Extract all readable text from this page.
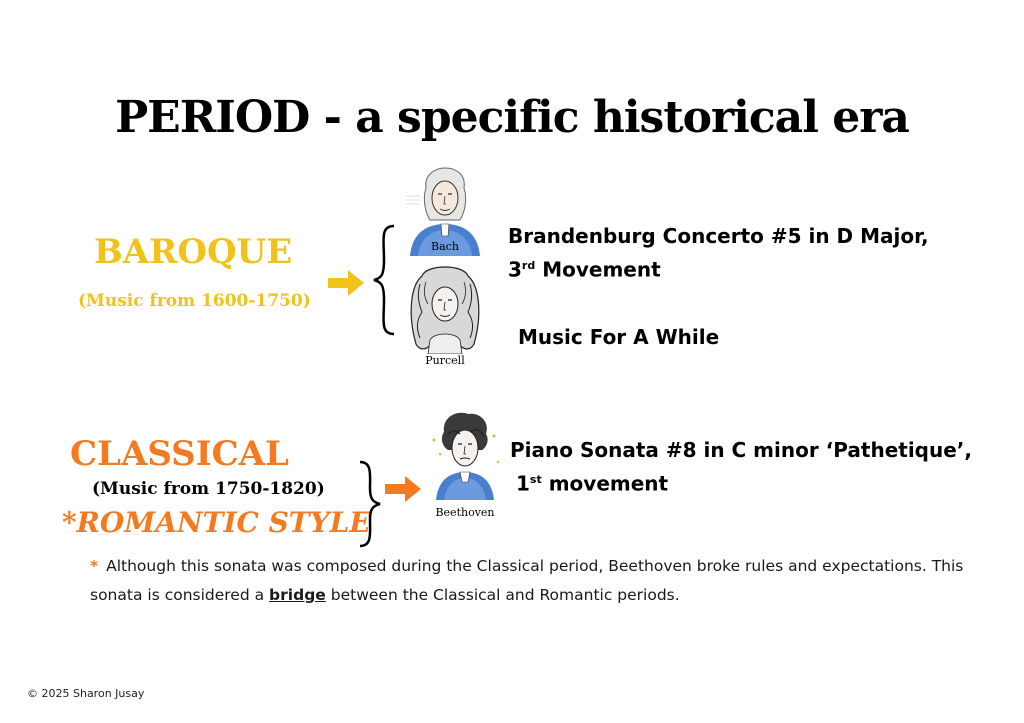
PERIOD - a specific historical era
BAROQUE
(Music from 1600-1750)
Bach
Purcell
Brandenburg Concerto #5 in D Major,
3rd Movement
Music For A While
CLASSICAL
(Music from 1750-1820)
*ROMANTIC STYLE	Beethoven
Piano Sonata #8 in C minor ‘Pathetique’,
1st movement
* Although this sonata was composed during the Classical period, Beethoven broke rules and expectations. This sonata is considered a bridge between the Classical and Romantic periods.
© 2025 Sharon Jusay
